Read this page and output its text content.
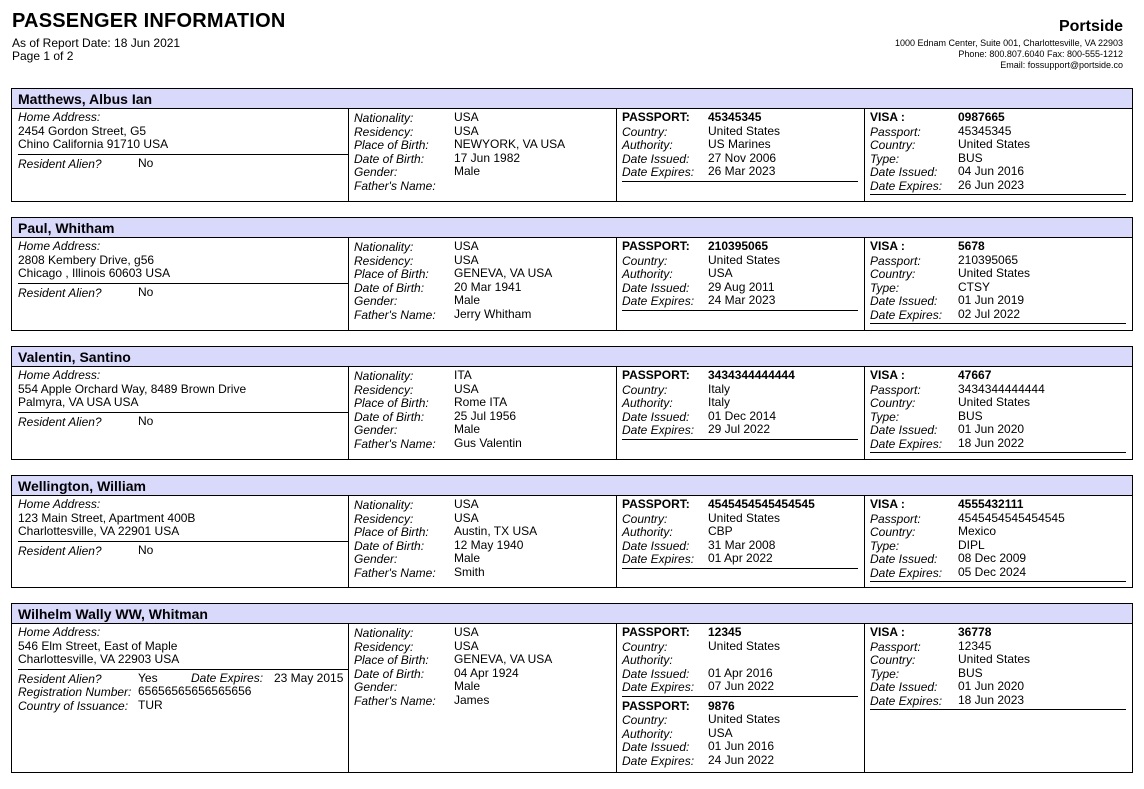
PASSENGER INFORMATION
As of Report Date: 18 Jun 2021
Page 1 of 2
Portside
1000 Ednam Center, Suite 001, Charlottesville, VA 22903
Phone: 800.807.6040 Fax: 800-555-1212
Email: fossupport@portside.co
Matthews, Albus Ian
Home Address:
2454 Gordon Street, G5
Chino California 91710 USA
Resident Alien?	No
Nationality:	USA
Residency:	USA
Place of Birth: NEWYORK, VA USA
Date of Birth: 17 Jun 1982
Gender:	Male
Father's Name:
PASSPORT: 45345345
Country:	United States
Authority:	US Marines
Date Issued: 27 Nov 2006
Date Expires: 26 Mar 2023
VISA :	0987665
Passport:	45345345
Country:	United States
Type:	BUS
Date Issued: 04 Jun 2016
Date Expires: 26 Jun 2023
Paul, Whitham
Home Address:
2808 Kembery Drive, g56
Chicago , Illinois 60603 USA
Resident Alien?	No
Nationality:	USA
Residency:	USA
Place of Birth: GENEVA, VA USA
Date of Birth: 20 Mar 1941
Gender:	Male
Father's Name: Jerry Whitham
PASSPORT: 210395065
Country:	United States
Authority:	USA
Date Issued: 29 Aug 2011
Date Expires: 24 Mar 2023
VISA :	5678
Passport:	210395065
Country:	United States
Type:	CTSY
Date Issued: 01 Jun 2019
Date Expires: 02 Jul 2022
Valentin, Santino
Home Address:
554 Apple Orchard Way, 8489 Brown Drive
Palmyra, VA USA USA
Resident Alien?	No
Nationality:	ITA
Residency:	USA
Place of Birth: Rome ITA
Date of Birth: 25 Jul 1956
Gender:	Male
Father's Name: Gus Valentin
PASSPORT: 3434344444444
Country:	Italy
Authority:	Italy
Date Issued: 01 Dec 2014
Date Expires: 29 Jul 2022
VISA :	47667
Passport:	3434344444444
Country:	United States
Type:	BUS
Date Issued: 01 Jun 2020
Date Expires: 18 Jun 2022
Wellington, William
Home Address:
123 Main Street, Apartment 400B
Charlottesville, VA 22901 USA
Resident Alien?	No
Nationality:	USA
Residency:	USA
Place of Birth: Austin, TX USA
Date of Birth: 12 May 1940
Gender:	Male
Father's Name: Smith
PASSPORT: 4545454545454545
Country:	United States
Authority:	CBP
Date Issued: 31 Mar 2008
Date Expires: 01 Apr 2022
VISA :	4555432111
Passport:	4545454545454545
Country:	Mexico
Type:	DIPL
Date Issued: 08 Dec 2009
Date Expires: 05 Dec 2024
Wilhelm Wally WW, Whitman
Home Address:
546 Elm Street, East of Maple
Charlottesville, VA 22903 USA
Resident Alien?	Yes	Date Expires: 23 May 2015
Registration Number: 65656565656565656
Country of Issuance: TUR
Nationality:	USA
Residency:	USA
Place of Birth: GENEVA, VA USA
Date of Birth: 04 Apr 1924
Gender:	Male
Father's Name: James
PASSPORT: 12345
Country:	United States
Authority:
Date Issued: 01 Apr 2016
Date Expires: 07 Jun 2022
PASSPORT: 9876
Country:	United States
Authority:	USA
Date Issued: 01 Jun 2016
Date Expires: 24 Jun 2022
VISA :	36778
Passport:	12345
Country:	United States
Type:	BUS
Date Issued: 01 Jun 2020
Date Expires: 18 Jun 2023
